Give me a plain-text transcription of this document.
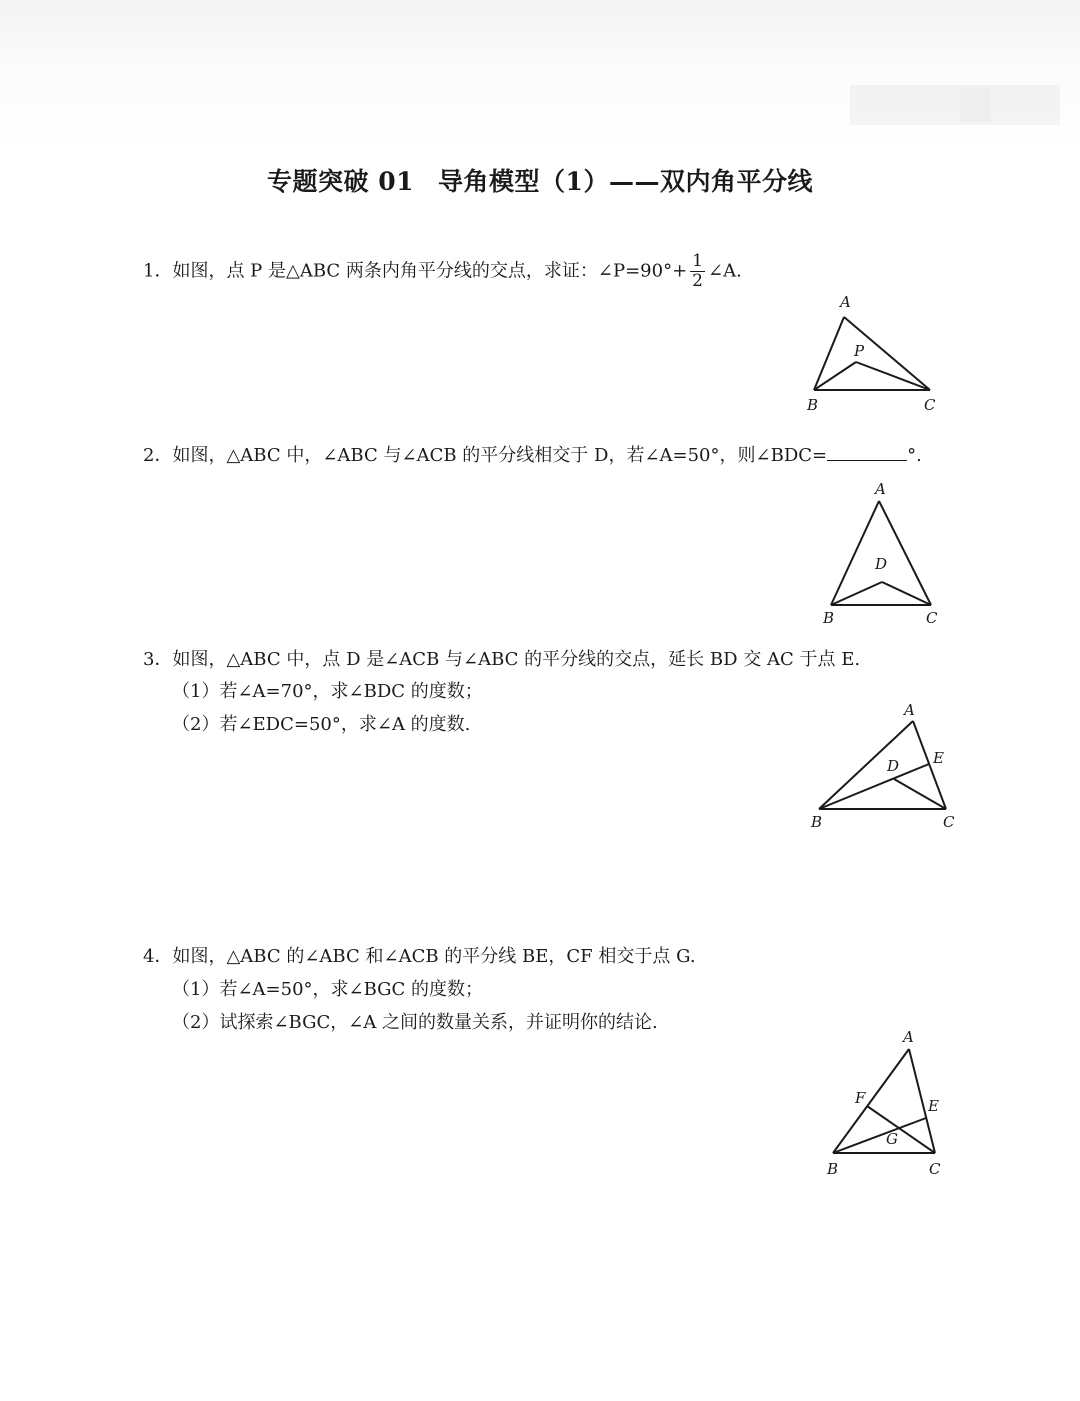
专题突破 01 导角模型（1）——双内角平分线
1．如图，点 P 是△ABC 两条内角平分线的交点，求证：∠P=90°+ $\frac{1}{2}$ ∠A.
A
P
B	C
2．如图，△ABC 中，∠ABC 与∠ACB 的平分线相交于 D，若∠A=50°，则∠BDC=	°.
A
D
B	C
3．如图，△ABC 中，点 D 是∠ACB 与∠ABC 的平分线的交点，延长 BD 交 AC 于点 E.
（1）若∠A=70°，求∠BDC 的度数；
（2）若∠EDC=50°，求∠A 的度数.
A
D E
B	C
4．如图，△ABC 的∠ABC 和∠ACB 的平分线 BE，CF 相交于点 G.
（1）若∠A=50°，求∠BGC 的度数；
（2）试探索∠BGC，∠A 之间的数量关系，并证明你的结论.
A
F	E
G
B	C
